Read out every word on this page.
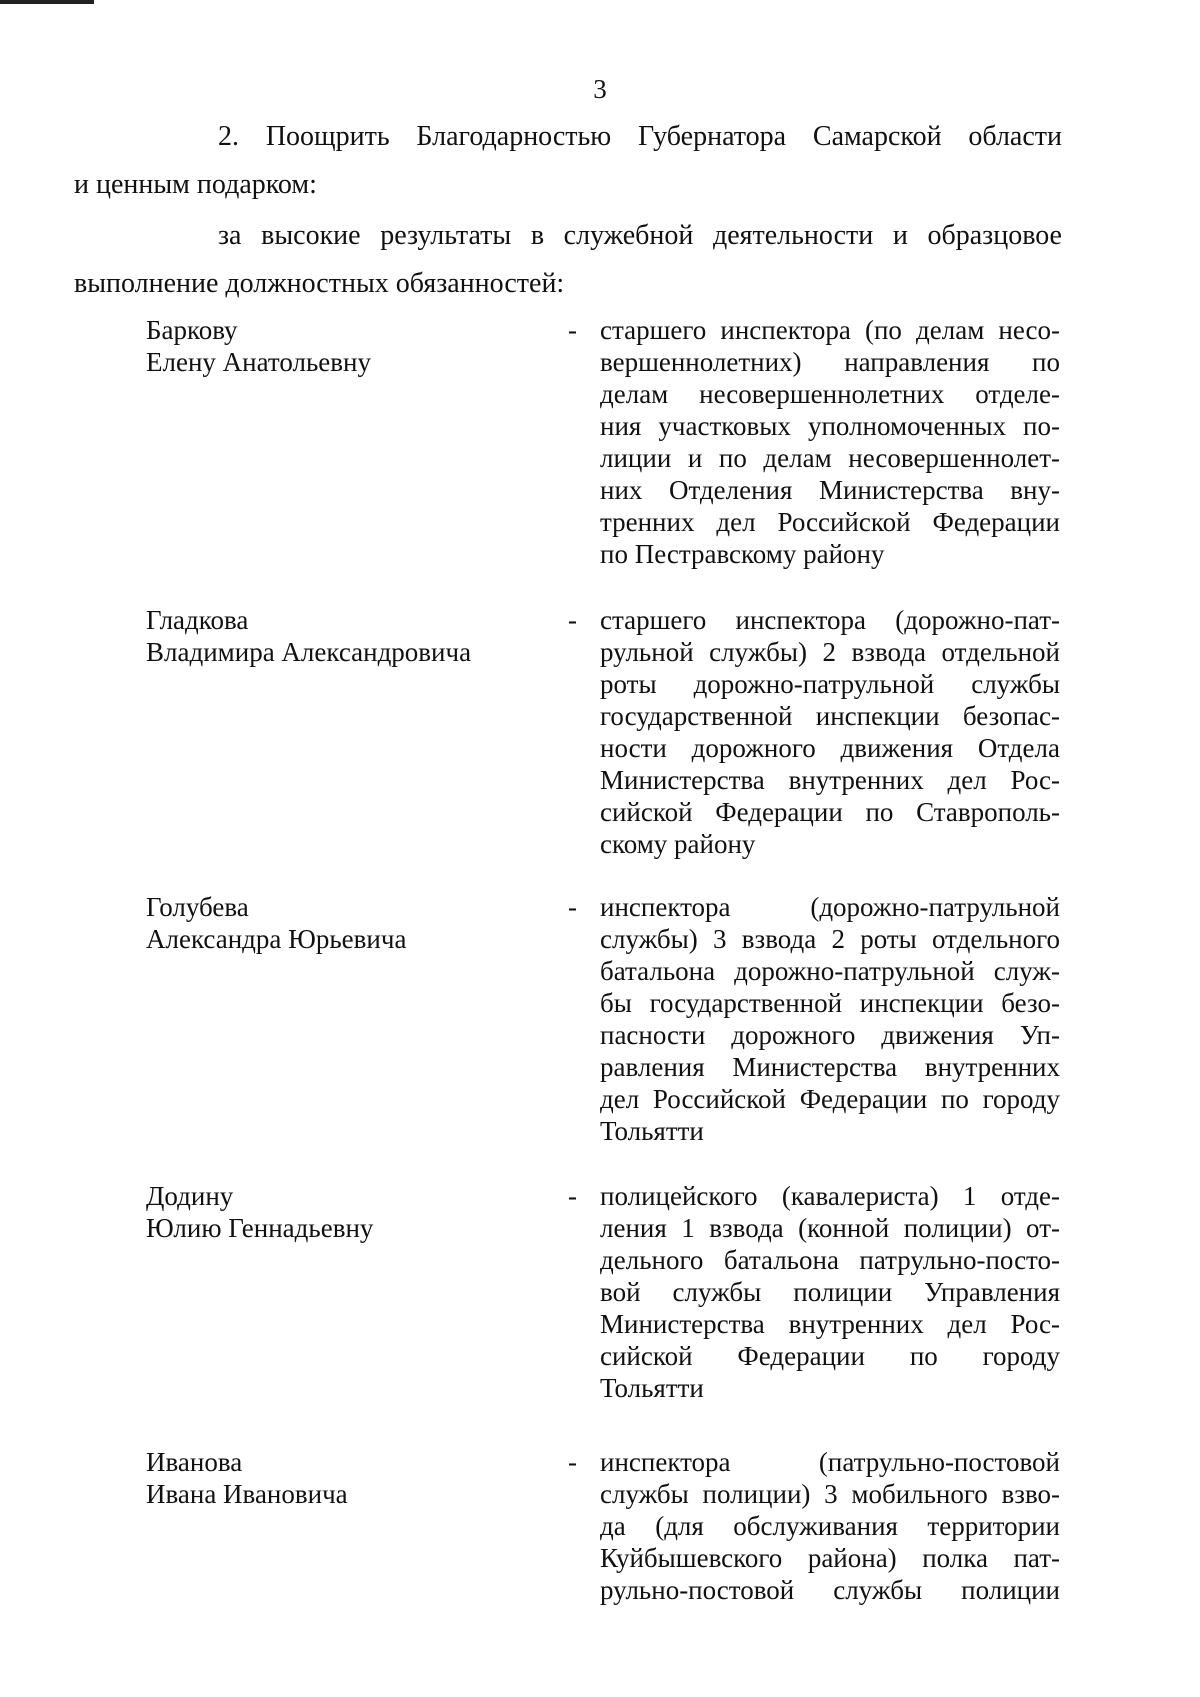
3
2. Поощрить Благодарностью Губернатора Самарской области
и ценным подарком:
за высокие результаты в служебной деятельности и образцовое
выполнение должностных обязанностей:
Баркову
Елену Анатольевну
- старшего инспектора (по делам несо-
вершеннолетних) направления по
делам несовершеннолетних отделе-
ния участковых уполномоченных по-
лиции и по делам несовершеннолет-
них Отделения Министерства вну-
тренних дел Российской Федерации
по Пестравскому району
Гладкова
Владимира Александровича
- старшего инспектора (дорожно-пат-
рульной службы) 2 взвода отдельной
роты дорожно-патрульной службы
государственной инспекции безопас-
ности дорожного движения Отдела
Министерства внутренних дел Рос-
сийской Федерации по Ставрополь-
скому району
Голубева
Александра Юрьевича
- инспектора (дорожно-патрульной
службы) 3 взвода 2 роты отдельного
батальона дорожно-патрульной служ-
бы государственной инспекции безо-
пасности дорожного движения Уп-
равления Министерства внутренних
дел Российской Федерации по городу
Тольятти
Додину
Юлию Геннадьевну
- полицейского (кавалериста) 1 отде-
ления 1 взвода (конной полиции) от-
дельного батальона патрульно-посто-
вой службы полиции Управления
Министерства внутренних дел Рос-
сийской Федерации по городу
Тольятти
Иванова
Ивана Ивановича
- инспектора (патрульно-постовой
службы полиции) 3 мобильного взво-
да (для обслуживания территории
Куйбышевского района) полка пат-
рульно-постовой службы полиции
